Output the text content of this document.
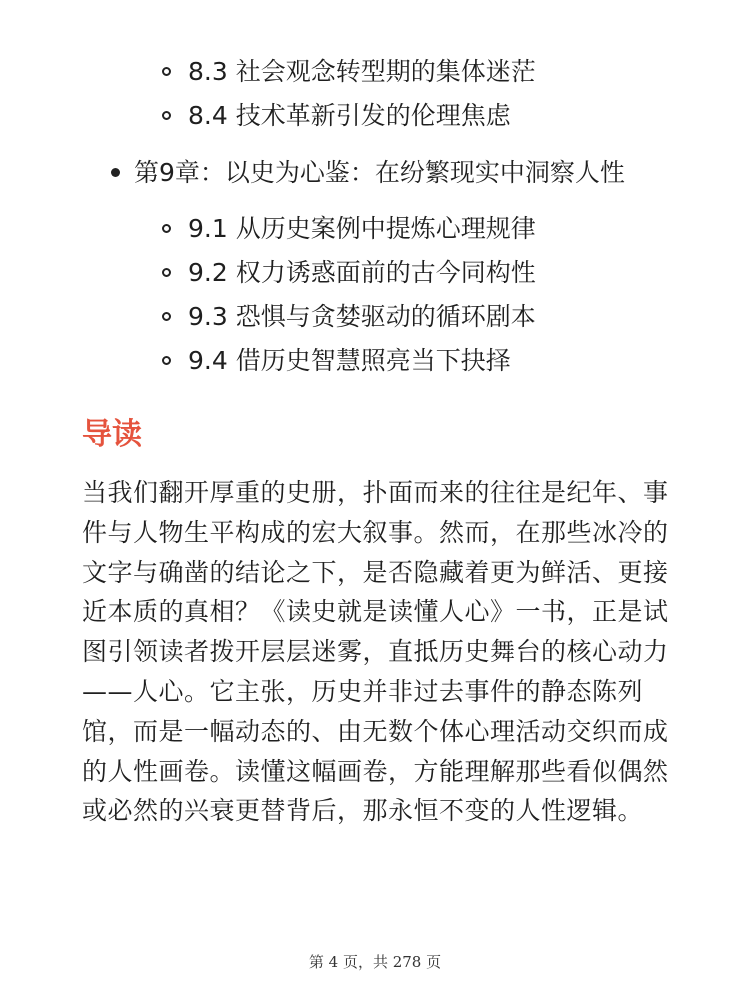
8.3 社会观念转型期的集体迷茫
8.4 技术革新引发的伦理焦虑
第9章：以史为心鉴：在纷繁现实中洞察人性
9.1 从历史案例中提炼心理规律
9.2 权力诱惑面前的古今同构性
9.3 恐惧与贪婪驱动的循环剧本
9.4 借历史智慧照亮当下抉择
导读

当我们翻开厚重的史册，扑面而来的往往是纪年、事件与人物生平构成的宏大叙事。然而，在那些冰冷的文字与确凿的结论之下，是否隐藏着更为鲜活、更接近本质的真相？《读史就是读懂人心》一书，正是试图引领读者拨开层层迷雾，直抵历史舞台的核心动力——人心。它主张，历史并非过去事件的静态陈列馆，而是一幅动态的、由无数个体心理活动交织而成的人性画卷。读懂这幅画卷，方能理解那些看似偶然或必然的兴衰更替背后，那永恒不变的人性逻辑。

第 4 页，共 278 页
